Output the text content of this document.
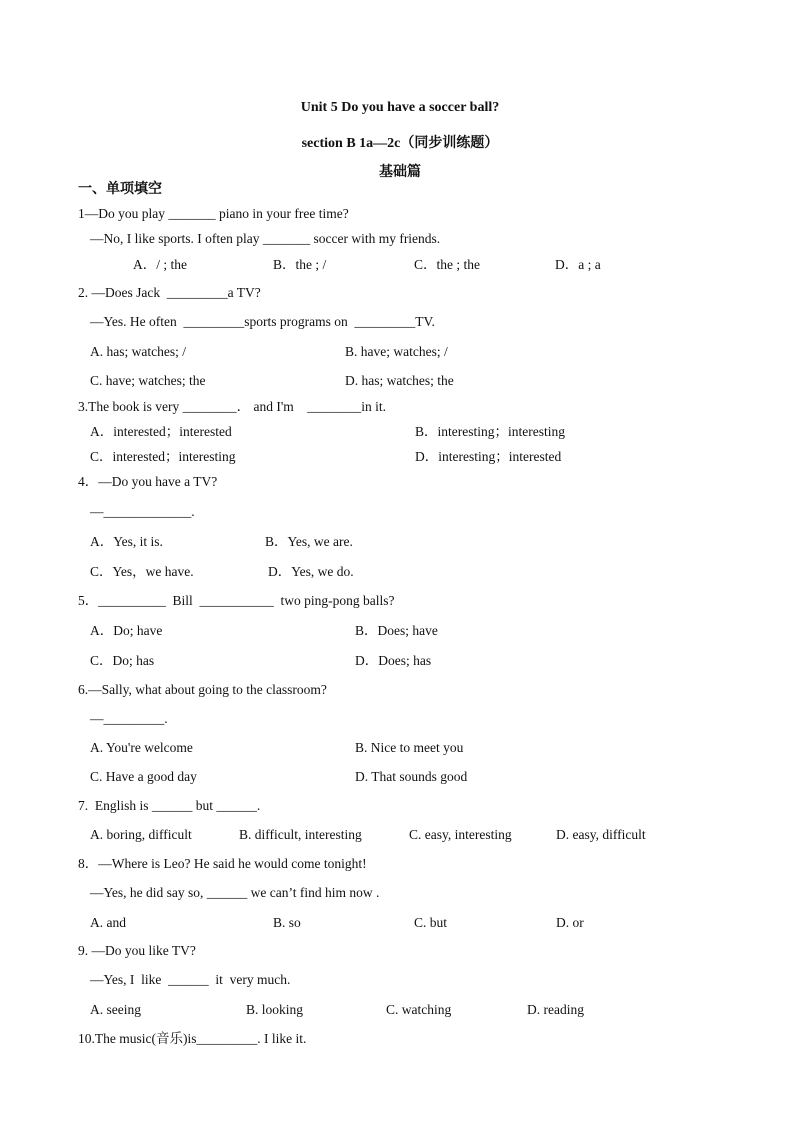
Unit 5 Do you have a soccer ball?
section B 1a—2c（同步训练题）
基础篇
一、单项填空
1—Do you play _______ piano in your free time?
—No, I like sports. I often play _______ soccer with my friends.
A．/ ; the	B．the ; /	C．the ; the	D．a ; a
2. —Does Jack  _________a TV?
—Yes. He often  _________sports programs on  _________TV.
A. has; watches; /	B. have; watches; /
C. have; watches; the	D. has; watches; the
3.The book is very ________． and I'm    ________in it.
A．interested；interested	B．interesting；interesting
C．interested；interesting	D．interesting；interested
4．—Do you have a TV?
—_____________.
A．Yes, it is.	B．Yes, we are.
C．Yes，we have.	D．Yes, we do.
5．__________  Bill  ___________  two ping-pong balls?
A．Do; have	B．Does; have
C．Do; has	D．Does; has
6.—Sally, what about going to the classroom?
—_________.
A. You're welcome	B. Nice to meet you
C. Have a good day	D. That sounds good
7.  English is ______ but ______.
A. boring, difficult	B. difficult, interesting	C. easy, interesting	D. easy, difficult
8．—Where is Leo? He said he would come tonight!
—Yes, he did say so, ______ we can’t find him now .
A. and	B. so	C. but	D. or
9. —Do you like TV?
—Yes, I  like  ______  it  very much.
A. seeing	B. looking	C. watching	D. reading
10.The music(音乐)is_________. I like it.
